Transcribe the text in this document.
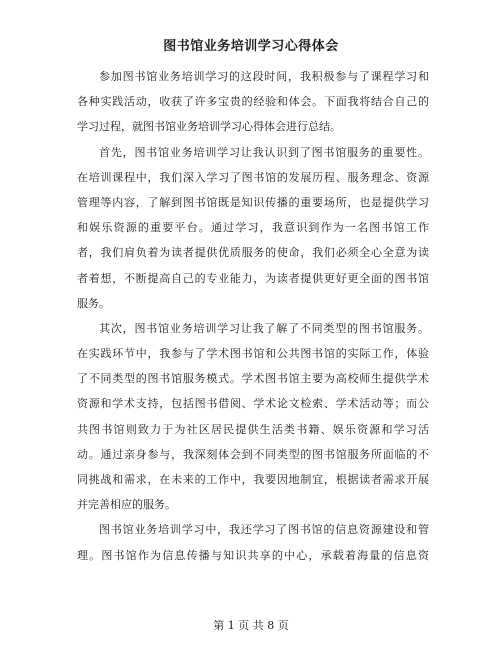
图书馆业务培训学习心得体会
参加图书馆业务培训学习的这段时间，我积极参与了课程学习和
各种实践活动，收获了许多宝贵的经验和体会。下面我将结合自己的
学习过程，就图书馆业务培训学习心得体会进行总结。
首先，图书馆业务培训学习让我认识到了图书馆服务的重要性。
在培训课程中，我们深入学习了图书馆的发展历程、服务理念、资源
管理等内容，了解到图书馆既是知识传播的重要场所，也是提供学习
和娱乐资源的重要平台。通过学习，我意识到作为一名图书馆工作
者，我们肩负着为读者提供优质服务的使命，我们必须全心全意为读
者着想，不断提高自己的专业能力，为读者提供更好更全面的图书馆
服务。
其次，图书馆业务培训学习让我了解了不同类型的图书馆服务。
在实践环节中，我参与了学术图书馆和公共图书馆的实际工作，体验
了不同类型的图书馆服务模式。学术图书馆主要为高校师生提供学术
资源和学术支持，包括图书借阅、学术论文检索、学术活动等；而公
共图书馆则致力于为社区居民提供生活类书籍、娱乐资源和学习活
动。通过亲身参与，我深刻体会到不同类型的图书馆服务所面临的不
同挑战和需求，在未来的工作中，我要因地制宜，根据读者需求开展
并完善相应的服务。
图书馆业务培训学习中，我还学习了图书馆的信息资源建设和管
理。图书馆作为信息传播与知识共享的中心，承载着海量的信息资
第 1 页 共 8 页
